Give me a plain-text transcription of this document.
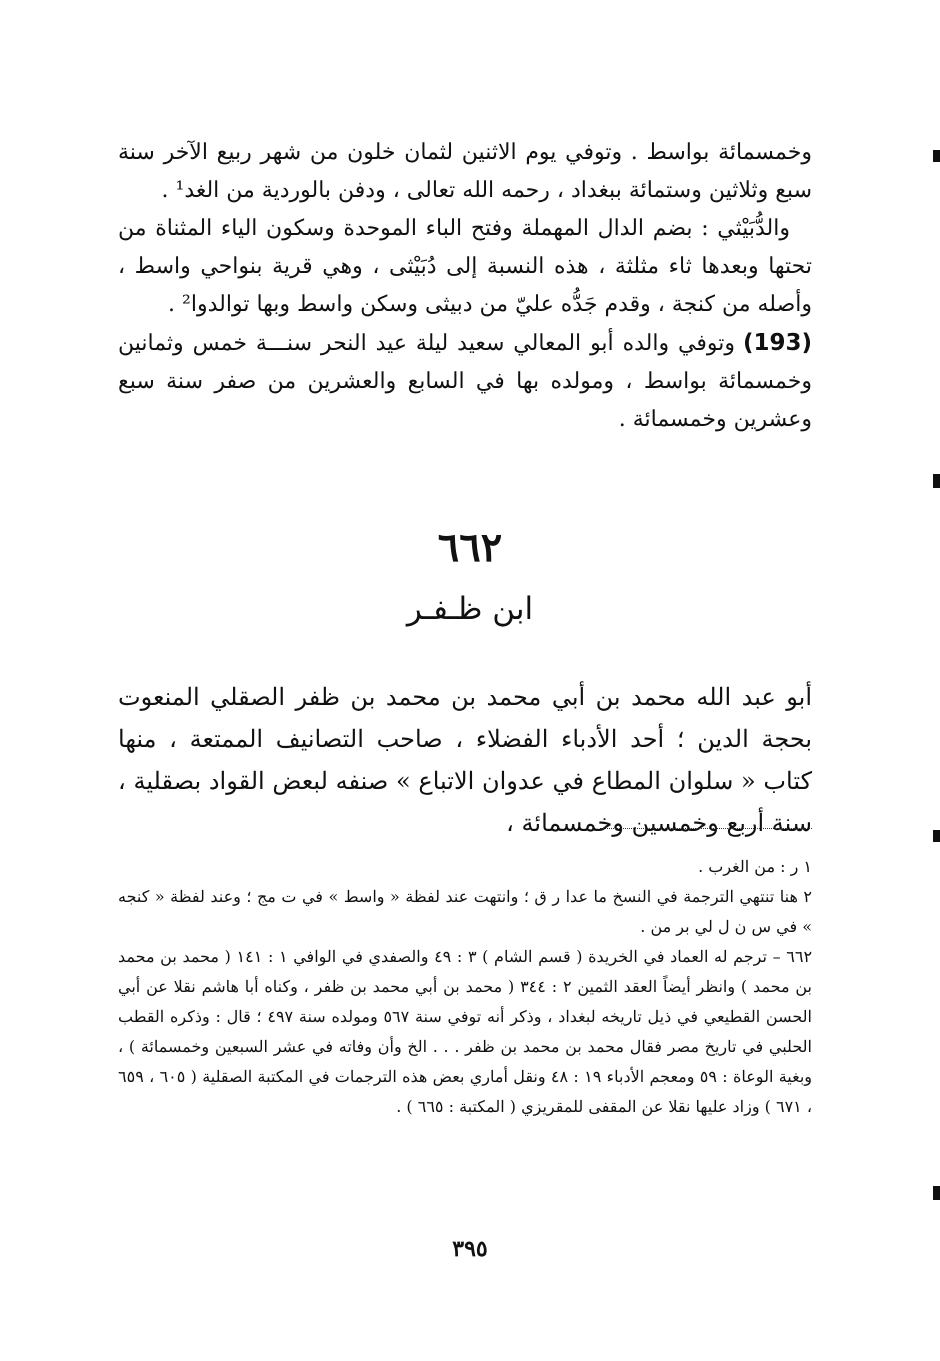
وخمسمائة بواسط . وتوفي يوم الاثنين لثمان خلون من شهر ربيع الآخر سنة سبع وثلاثين وستمائة ببغداد ، رحمه الله تعالى ، ودفن بالوردية من الغد¹ .

والدُّبَيْثي : بضم الدال المهملة وفتح الباء الموحدة وسكون الياء المثناة من تحتها وبعدها ثاء مثلثة ، هذه النسبة إلى دُبَيْثى ، وهي قرية بنواحي واسط ، وأصله من كنجة ، وقدم جَدُّه عليّ من دبيثى وسكن واسط وبها توالدوا² .

(193)وتوفي والده أبو المعالي سعيد ليلة عيد النحر سنـــة خمس وثمانين وخمسمائة بواسط ، ومولده بها في السابع والعشرين من صفر سنة سبع وعشرين وخمسمائة .

٦٦٢
ابن ظـفـر
أبو عبد الله محمد بن أبي محمد بن محمد بن ظفر الصقلي المنعوت بحجة الدين ؛ أحد الأدباء الفضلاء ، صاحب التصانيف الممتعة ، منها كتاب « سلوان المطاع في عدوان الاتباع » صنفه لبعض القواد بصقلية ، سنة أربع وخمسين وخمسمائة ،

١ ر : من الغرب .

٢ هنا تنتهي الترجمة في النسخ ما عدا ر ق ؛ وانتهت عند لفظة « واسط » في ت مج ؛ وعند لفظة « كنجه » في س ن ل لي بر من .

٦٦٢ – ترجم له العماد في الخريدة ( قسم الشام ) ٣ : ٤٩ والصفدي في الوافي ١ : ١٤١ ( محمد بن محمد بن محمد ) وانظر أيضاً العقد الثمين ٢ : ٣٤٤ ( محمد بن أبي محمد بن ظفر ، وكناه أبا هاشم نقلا عن أبي الحسن القطيعي في ذيل تاريخه لبغداد ، وذكر أنه توفي سنة ٥٦٧ ومولده سنة ٤٩٧ ؛ قال : وذكره القطب الحلبي في تاريخ مصر فقال محمد بن محمد بن ظفر . . . الخ وأن وفاته في عشر السبعين وخمسمائة ) ، وبغية الوعاة : ٥٩ ومعجم الأدباء ١٩ : ٤٨ ونقل أماري بعض هذه الترجمات في المكتبة الصقلية ( ٦٠٥ ، ٦٥٩ ، ٦٧١ ) وزاد عليها نقلا عن المقفى للمقريزي ( المكتبة : ٦٦٥ ) .

٣٩٥
